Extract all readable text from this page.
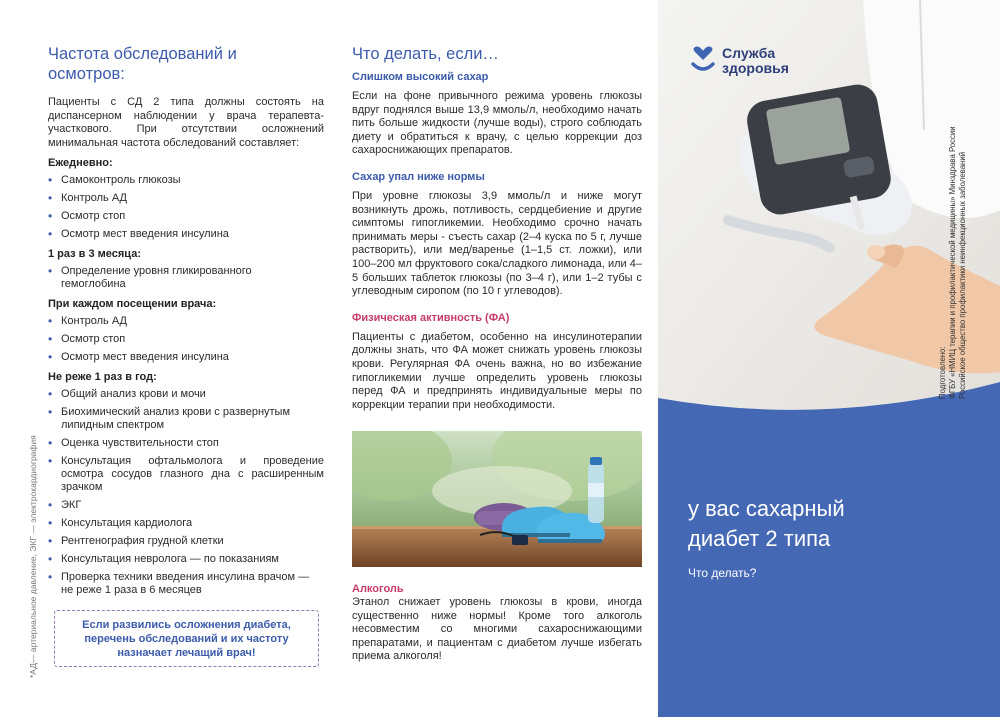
Частота обследований и осмотров:

Пациенты с СД 2 типа должны состоять на диспансерном наблюдении у врача терапевта-участкового. При отсутствии осложнений минимальная частота обследований составляет:

Ежедневно:
• Самоконтроль глюкозы
• Контроль АД
• Осмотр стоп
• Осмотр мест введения инсулина
1 раз в 3 месяца:
• Определение уровня гликированного гемоглобина
При каждом посещении врача:
• Контроль АД
• Осмотр стоп
• Осмотр мест введения инсулина
Не реже 1 раз в год:
• Общий анализ крови и мочи
• Биохимический анализ крови с развернутым липидным спектром
• Оценка чувствительности стоп
• Консультация офтальмолога и проведение осмотра сосудов глазного дна с расширенным зрачком
• ЭКГ
• Консультация кардиолога
• Рентгенография грудной клетки
• Консультация невролога — по показаниям
• Проверка техники введения инсулина врачом — не реже 1 раза в 6 месяцев
Если развились осложнения диабета, перечень обследований и их частоту назначает лечащий врач!
*АД— артериальное давление, ЭКГ — электрокардиография
Что делать, если…
Слишком высокий сахар

Если на фоне привычного режима уровень глюкозы вдруг поднялся выше 13,9 ммоль/л, необходимо начать пить больше жидкости (лучше воды), строго соблюдать диету и обратиться к врачу, с целью коррекции доз сахароснижающих препаратов.

Сахар упал ниже нормы

При уровне глюкозы 3,9 ммоль/л и ниже могут возникнуть дрожь, потливость, сердцебиение и другие симптомы гипогликемии. Необходимо срочно начать принимать меры - съесть сахар (2–4 куска по 5 г, лучше растворить), или мед/варенье (1–1,5 ст. ложки), или 100–200 мл фруктового сока/сладкого лимонада, или 4–5 больших таблеток глюкозы (по 3–4 г), или 1–2 тубы с углеводным сиропом (по 10 г углеводов).

Физическая активность (ФА)

Пациенты с диабетом, особенно на инсулинотерапии должны знать, что ФА может снижать уровень глюкозы крови. Регулярная ФА очень важна, но во избежание гипогликемии лучше определить уровень глюкозы перед ФА и предпринять индивидуальные меры по коррекции терапии при необходимости.

Алкоголь

Этанол снижает уровень глюкозы в крови, иногда существенно ниже нормы! Кроме того алкоголь несовместим со многими сахароснижающими препаратами, и пациентам с диабетом лучше избегать приема алкоголя!

Служба
здоровья
Подготовлено:
ФГБУ «НМИЦ терапии и профилактической медицины» Минздрава России Российское общество профилактики неинфекционных заболеваний
у вас сахарный
диабет 2 типа
Что делать?
